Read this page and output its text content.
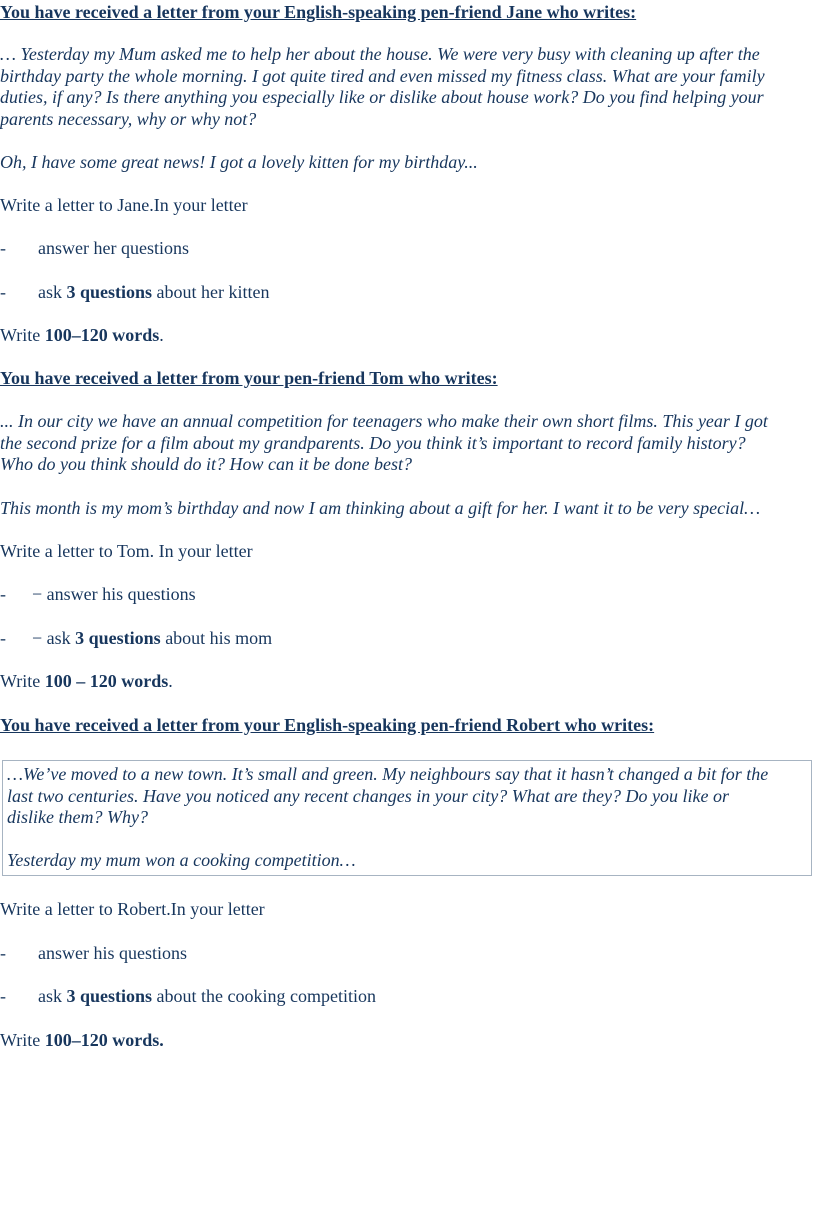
You have received a letter from your English-speaking pen-friend Jane who writes:
… Yesterday my Mum asked me to help her about the house. We were very busy with cleaning up after the
birthday party the whole morning. I got quite tired and even missed my fitness class. What are your family
duties, if any? Is there anything you especially like or dislike about house work? Do you find helping your
parents necessary, why or why not?
Oh, I have some great news! I got a lovely kitten for my birthday...
Write a letter to Jane.In your letter
- answer her questions
- ask 3 questions about her kitten
Write 100–120 words.
You have received a letter from your pen-friend Tom who writes:
... In our city we have an annual competition for teenagers who make their own short films. This year I got
the second prize for a film about my grandparents. Do you think it’s important to record family history?
Who do you think should do it? How can it be done best?
This month is my mom’s birthday and now I am thinking about a gift for her. I want it to be very special…
Write a letter to Tom. In your letter
- − answer his questions
- − ask 3 questions about his mom
Write 100 – 120 words.
You have received a letter from your English-speaking pen-friend Robert who writes:
…We’ve moved to a new town. It’s small and green. My neighbours say that it hasn’t changed a bit for the
last two centuries. Have you noticed any recent changes in your city? What are they? Do you like or
dislike them? Why?
Yesterday my mum won a cooking competition…
Write a letter to Robert.In your letter
- answer his questions
- ask 3 questions about the cooking competition
Write 100–120 words.
